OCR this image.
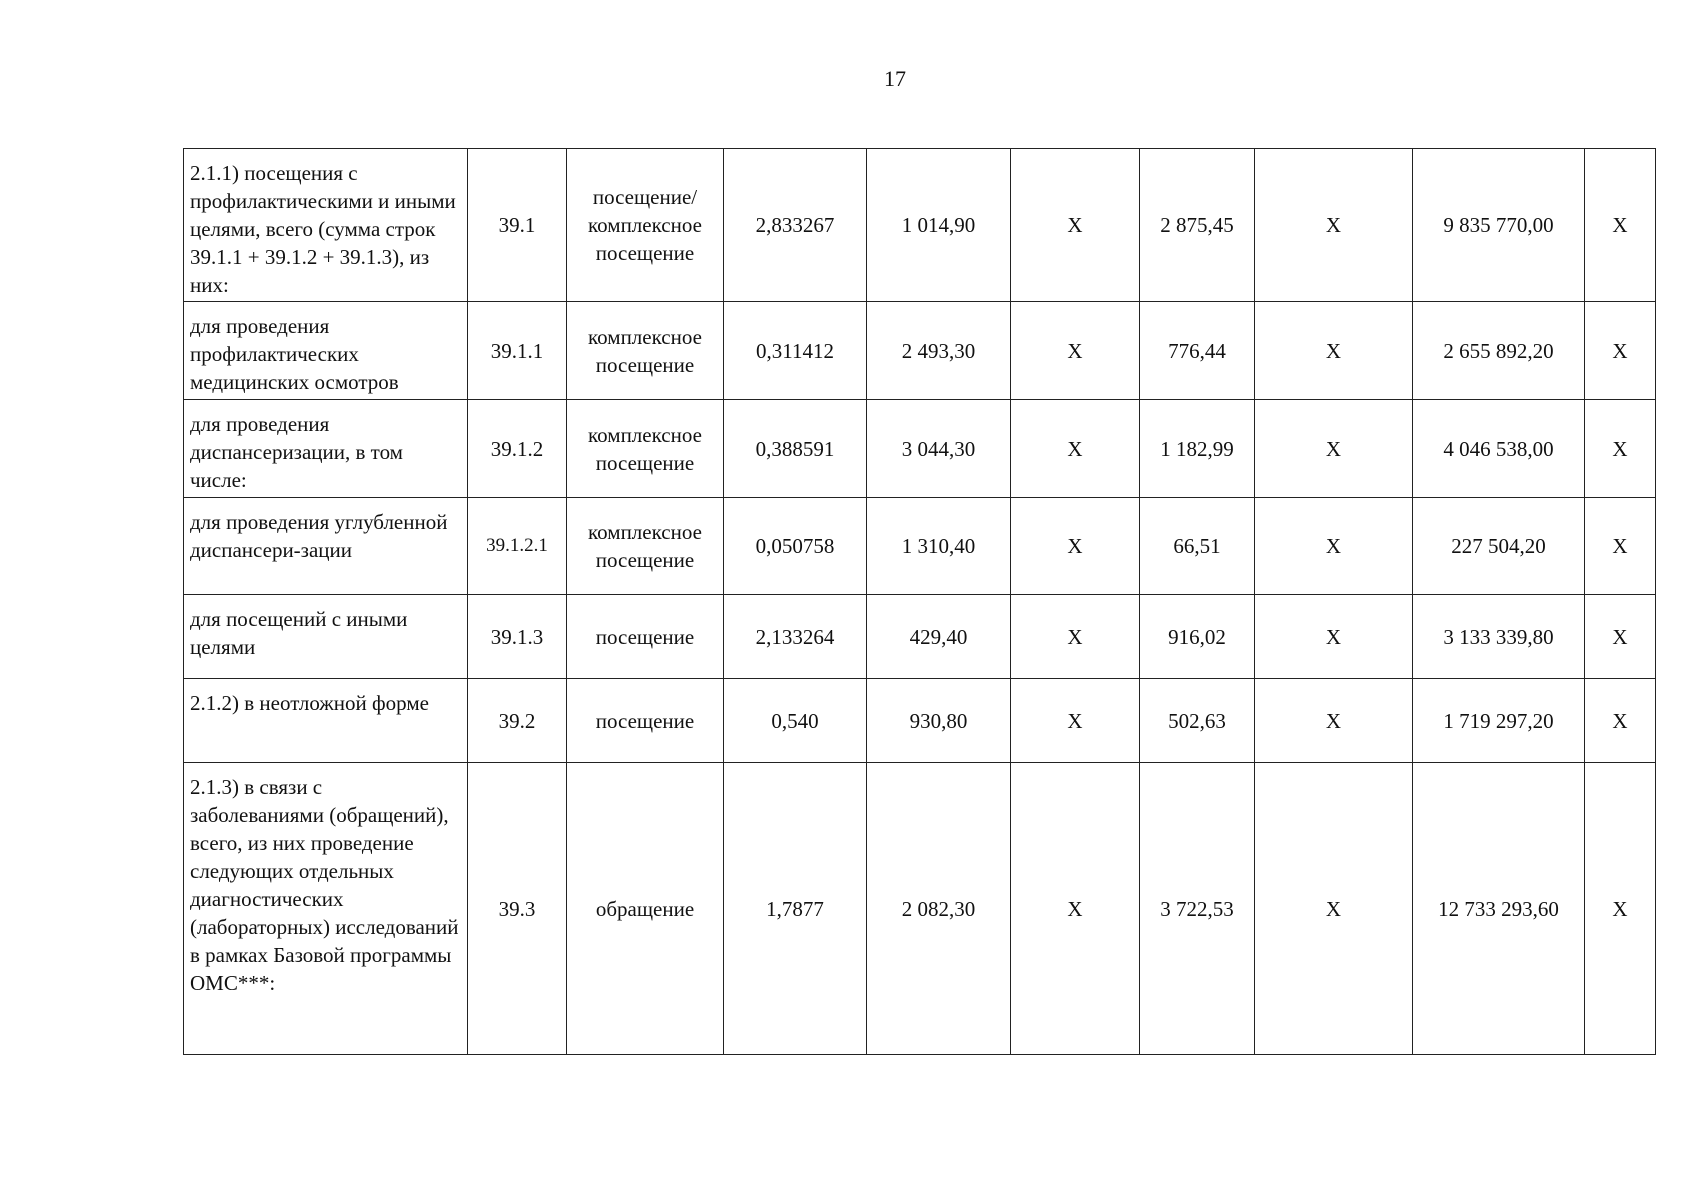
17
2.1.1) посещения с профилактическими и иными целями, всего (сумма строк 39.1.1 + 39.1.2 + 39.1.3), из них:	39.1	посещение/ комплексное посещение	2,833267	1 014,90	X	2 875,45	X	9 835 770,00	X
для проведения профилактических медицинских осмотров	39.1.1	комплексное посещение	0,311412	2 493,30	X	776,44	X	2 655 892,20	X
для проведения диспансеризации, в том числе:	39.1.2	комплексное посещение	0,388591	3 044,30	X	1 182,99	X	4 046 538,00	X
для проведения углубленной диспансери-зации	39.1.2.1	комплексное посещение	0,050758	1 310,40	X	66,51	X	227 504,20	X
для посещений с иными целями	39.1.3	посещение	2,133264	429,40	X	916,02	X	3 133 339,80	X
2.1.2) в неотложной форме	39.2	посещение	0,540	930,80	X	502,63	X	1 719 297,20	X
2.1.3) в связи с заболеваниями (обращений), всего, из них проведение следующих отдельных диагностических (лабораторных) исследований в рамках Базовой программы ОМС***:	39.3	обращение	1,7877	2 082,30	X	3 722,53	X	12 733 293,60	X
